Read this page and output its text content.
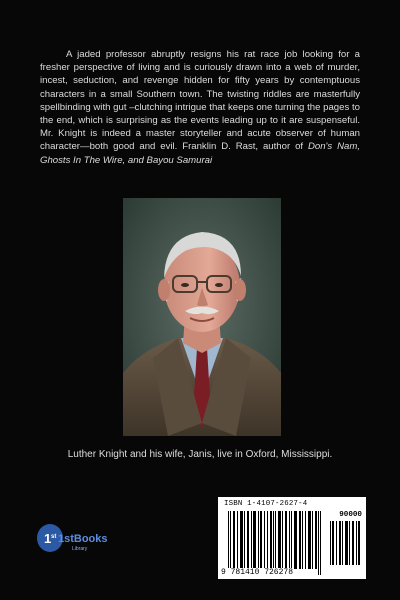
A jaded professor abruptly resigns his rat race job looking for a fresher perspective of living and is curiously drawn into a web of murder, incest, seduction, and revenge hidden for fifty years by contemptuous characters in a small Southern town. The twisting riddles are masterfully spellbinding with gut –clutching intrigue that keeps one turning the pages to the end, which is surprising as the events leading up to it are suspenseful. Mr. Knight is indeed a master storyteller and acute observer of human character—both good and evil. Franklin D. Rast, author of Don's Nam, Ghosts In The Wire, and Bayou Samurai

Luther Knight and his wife, Janis, live in Oxford, Mississippi.

1 st 1stBooks
Library
ISBN 1-4107-2627-4
90000
9 781410 726278
